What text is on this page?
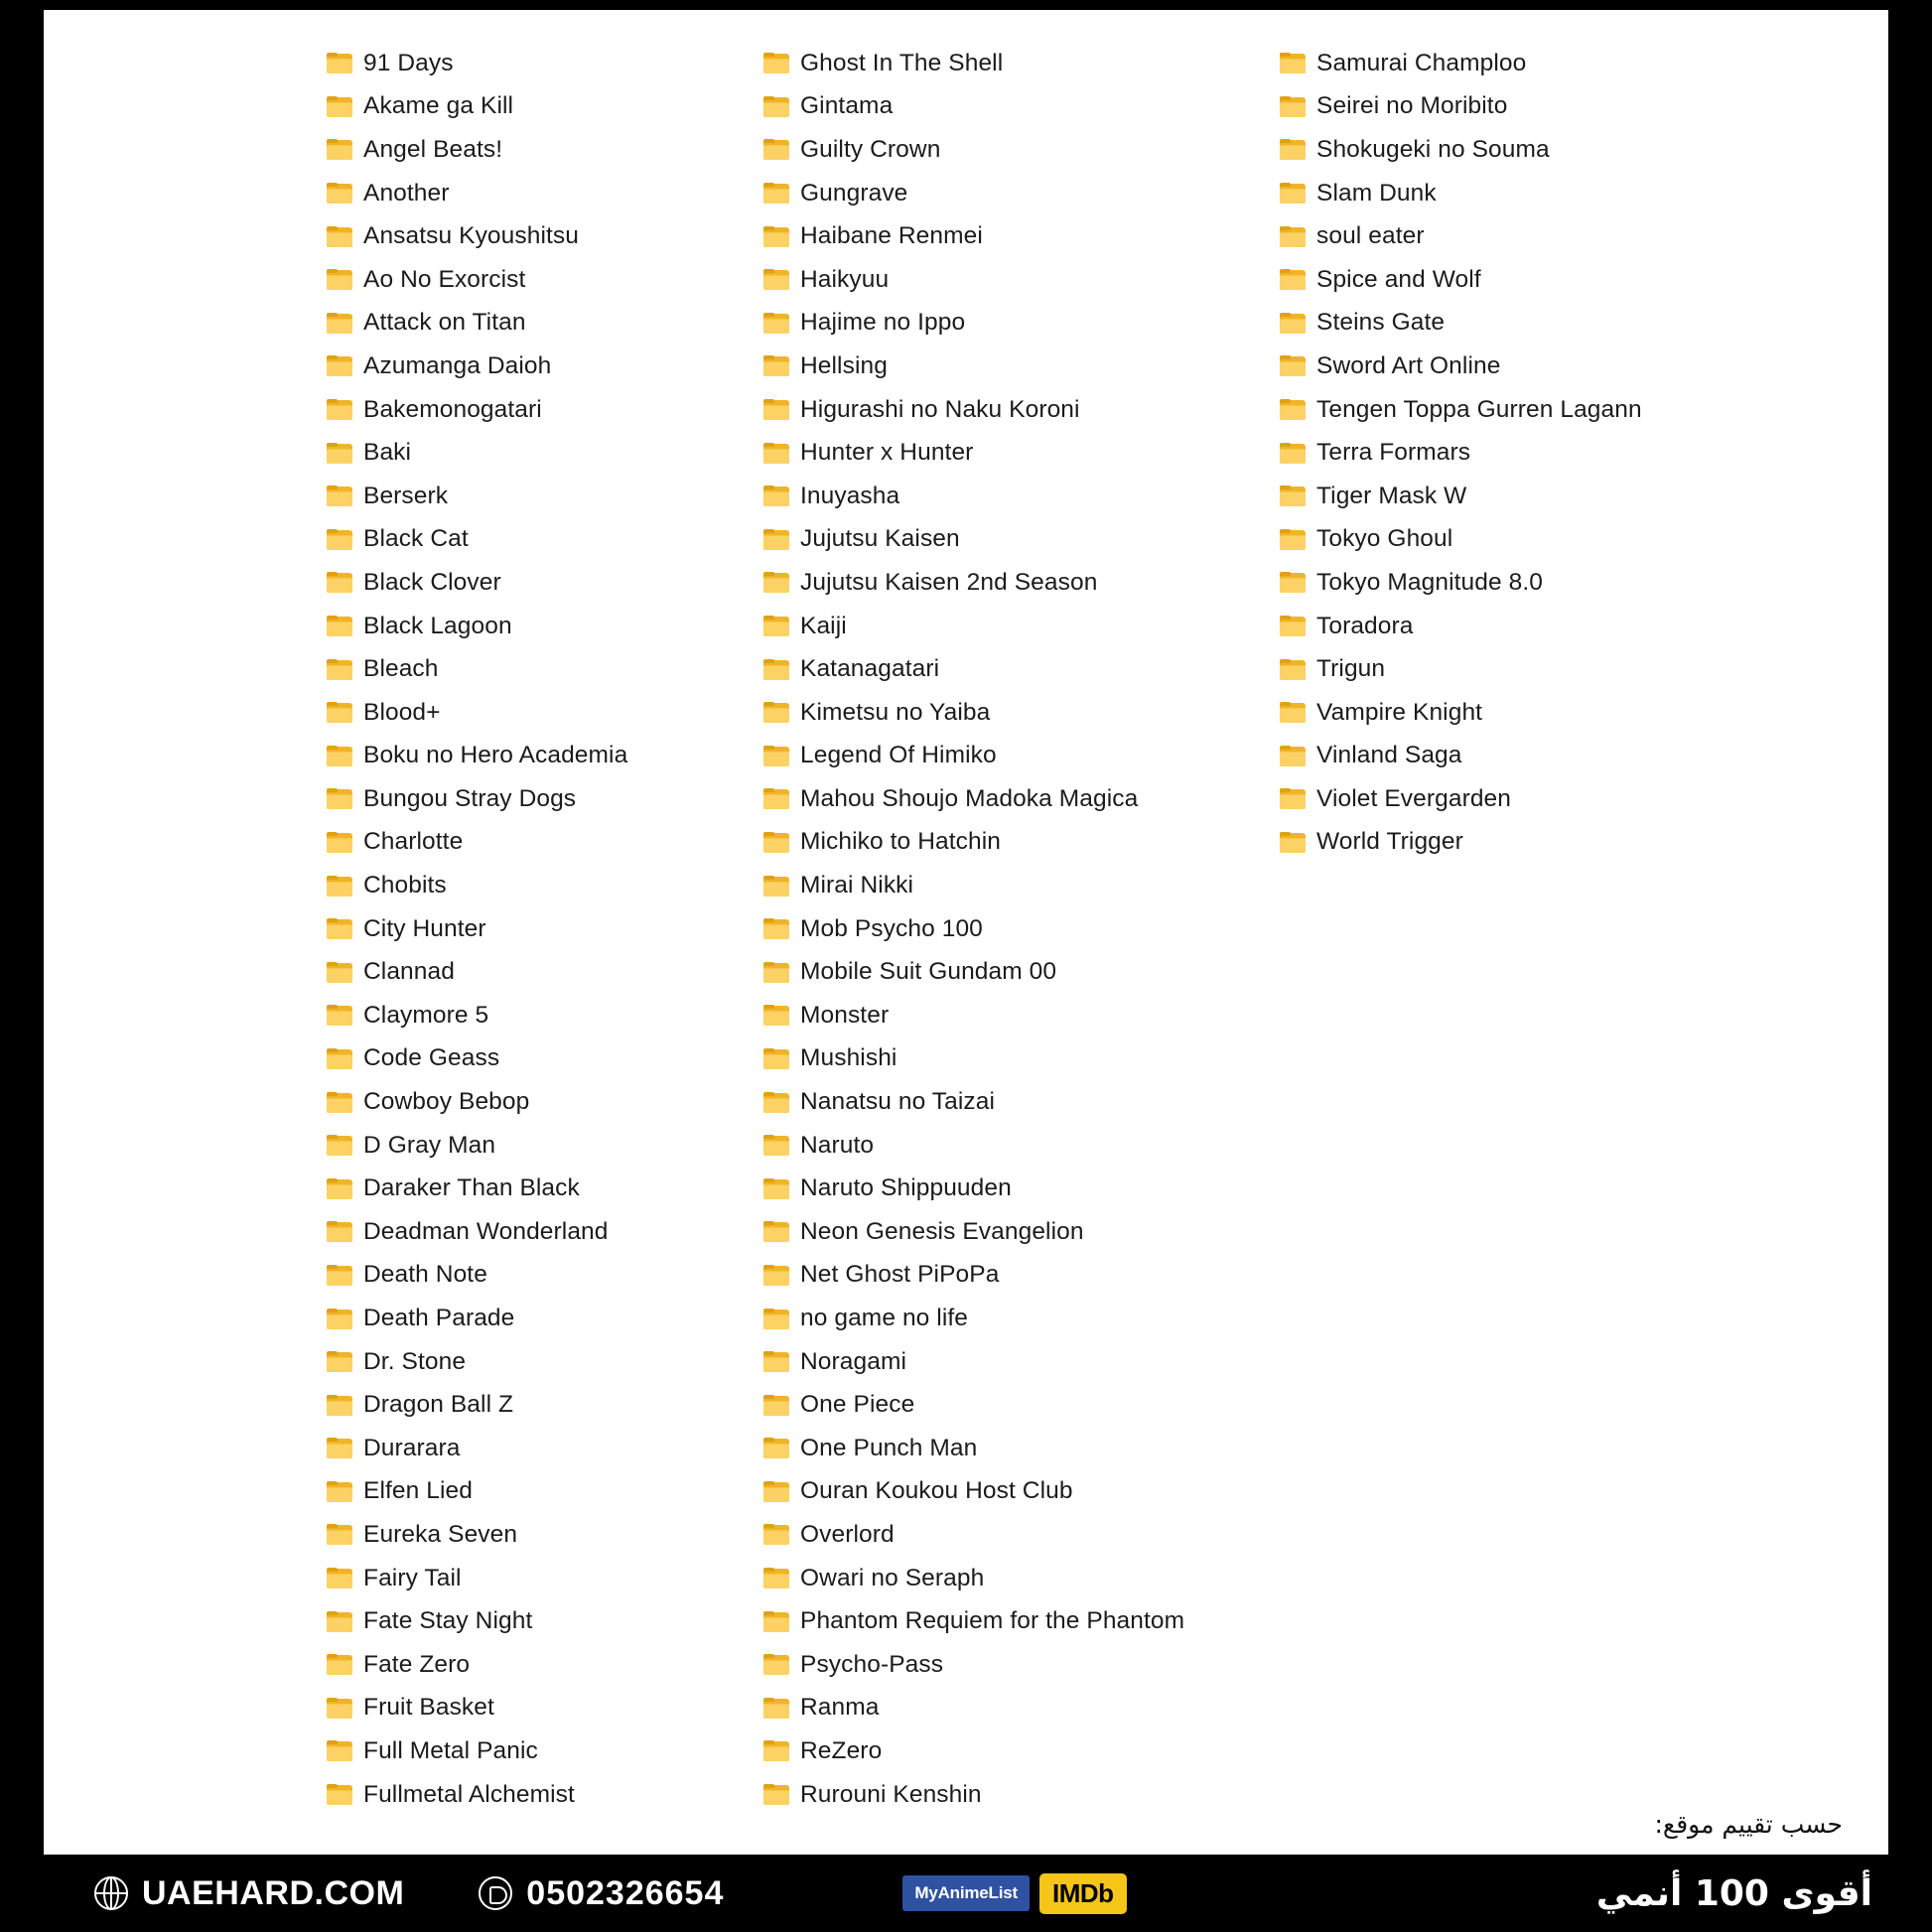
91 Days
Akame ga Kill
Angel Beats!
Another
Ansatsu Kyoushitsu
Ao No Exorcist
Attack on Titan
Azumanga Daioh
Bakemonogatari
Baki
Berserk
Black Cat
Black Clover
Black Lagoon
Bleach
Blood+
Boku no Hero Academia
Bungou Stray Dogs
Charlotte
Chobits
City Hunter
Clannad
Claymore 5
Code Geass
Cowboy Bebop
D Gray Man
Daraker Than Black
Deadman Wonderland
Death Note
Death Parade
Dr. Stone
Dragon Ball Z
Durarara
Elfen Lied
Eureka Seven
Fairy Tail
Fate Stay Night
Fate Zero
Fruit Basket
Full Metal Panic
Fullmetal Alchemist
Ghost In The Shell
Gintama
Guilty Crown
Gungrave
Haibane Renmei
Haikyuu
Hajime no Ippo
Hellsing
Higurashi no Naku Koroni
Hunter x Hunter
Inuyasha
Jujutsu Kaisen
Jujutsu Kaisen 2nd Season
Kaiji
Katanagatari
Kimetsu no Yaiba
Legend Of Himiko
Mahou Shoujo Madoka Magica
Michiko to Hatchin
Mirai Nikki
Mob Psycho 100
Mobile Suit Gundam 00
Monster
Mushishi
Nanatsu no Taizai
Naruto
Naruto Shippuuden
Neon Genesis Evangelion
Net Ghost PiPoPa
no game no life
Noragami
One Piece
One Punch Man
Ouran Koukou Host Club
Overlord
Owari no Seraph
Phantom Requiem for the Phantom
Psycho-Pass
Ranma
ReZero
Rurouni Kenshin
Samurai Champloo
Seirei no Moribito
Shokugeki no Souma
Slam Dunk
soul eater
Spice and Wolf
Steins Gate
Sword Art Online
Tengen Toppa Gurren Lagann
Terra Formars
Tiger Mask W
Tokyo Ghoul
Tokyo Magnitude 8.0
Toradora
Trigun
Vampire Knight
Vinland Saga
Violet Evergarden
World Trigger
حسب تقييم موقع:
UAEHARD.COM	0502326654	MyAnimeList	IMDb	أقوى 100 أنمي
